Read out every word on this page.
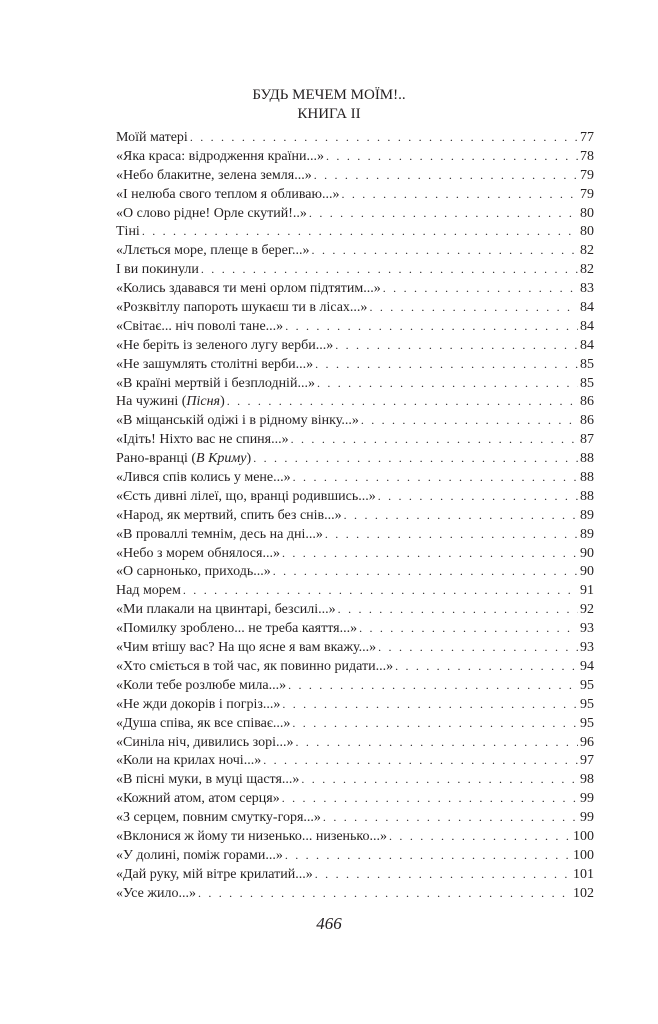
БУДЬ МЕЧЕМ МОЇМ!..
КНИГА ІІ
Моїй матері . . .	77
«Яка краса: відродження країни...» . . .	78
«Небо блакитне, зелена земля...» . . .	79
«І нелюба свого теплом я обливаю...» . . .	79
«О слово рідне! Орле скутий!..» . . .	80
Тіні . . .	80
«Ллється море, плеще в берег...» . . .	82
І ви покинули . . .	82
«Колись здавався ти мені орлом підтятим...» . . .	83
«Розквітлу папороть шукаєш ти в лісах...» . . .	84
«Світає... ніч поволі тане...» . . .	84
«Не беріть із зеленого лугу верби...» . . .	84
«Не зашумлять столітні верби...» . . .	85
«В країні мертвій і безплодній...» . . .	85
На чужині (Пісня) . . .	86
«В міщанській одіжі і в рідному вінку...» . . .	86
«Ідіть! Ніхто вас не спиня...» . . .	87
Рано-вранці (В Криму) . . .	88
«Лився спів колись у мене...» . . .	88
«Єсть дивні лілеї, що, вранці родившись...» . . .	88
«Народ, як мертвий, спить без снів...» . . .	89
«В проваллі темнім, десь на дні...» . . .	89
«Небо з морем обнялося...» . . .	90
«О сарнонько, приходь...» . . .	90
Над морем . . .	91
«Ми плакали на цвинтарі, безсилі...» . . .	92
«Помилку зроблено... не треба каяття...» . . .	93
«Чим втішу вас? На що ясне я вам вкажу...» . . .	93
«Хто сміється в той час, як повинно ридати...» . . .	94
«Коли тебе розлюбе мила...» . . .	95
«Не жди докорів і погріз...» . . .	95
«Душа співа, як все співає...» . . .	95
«Синіла ніч, дивились зорі...» . . .	96
«Коли на крилах ночі...» . . .	97
«В пісні муки, в муці щастя...» . . .	98
«Кожний атом, атом серця» . . .	99
«З серцем, повним смутку-горя...» . . .	99
«Вклонися ж йому ти низенько... низенько...» . . .	100
«У долині, поміж горами...» . . .	100
«Дай руку, мій вітре крилатий...» . . .	101
«Усе жило...» . . .	102
466
